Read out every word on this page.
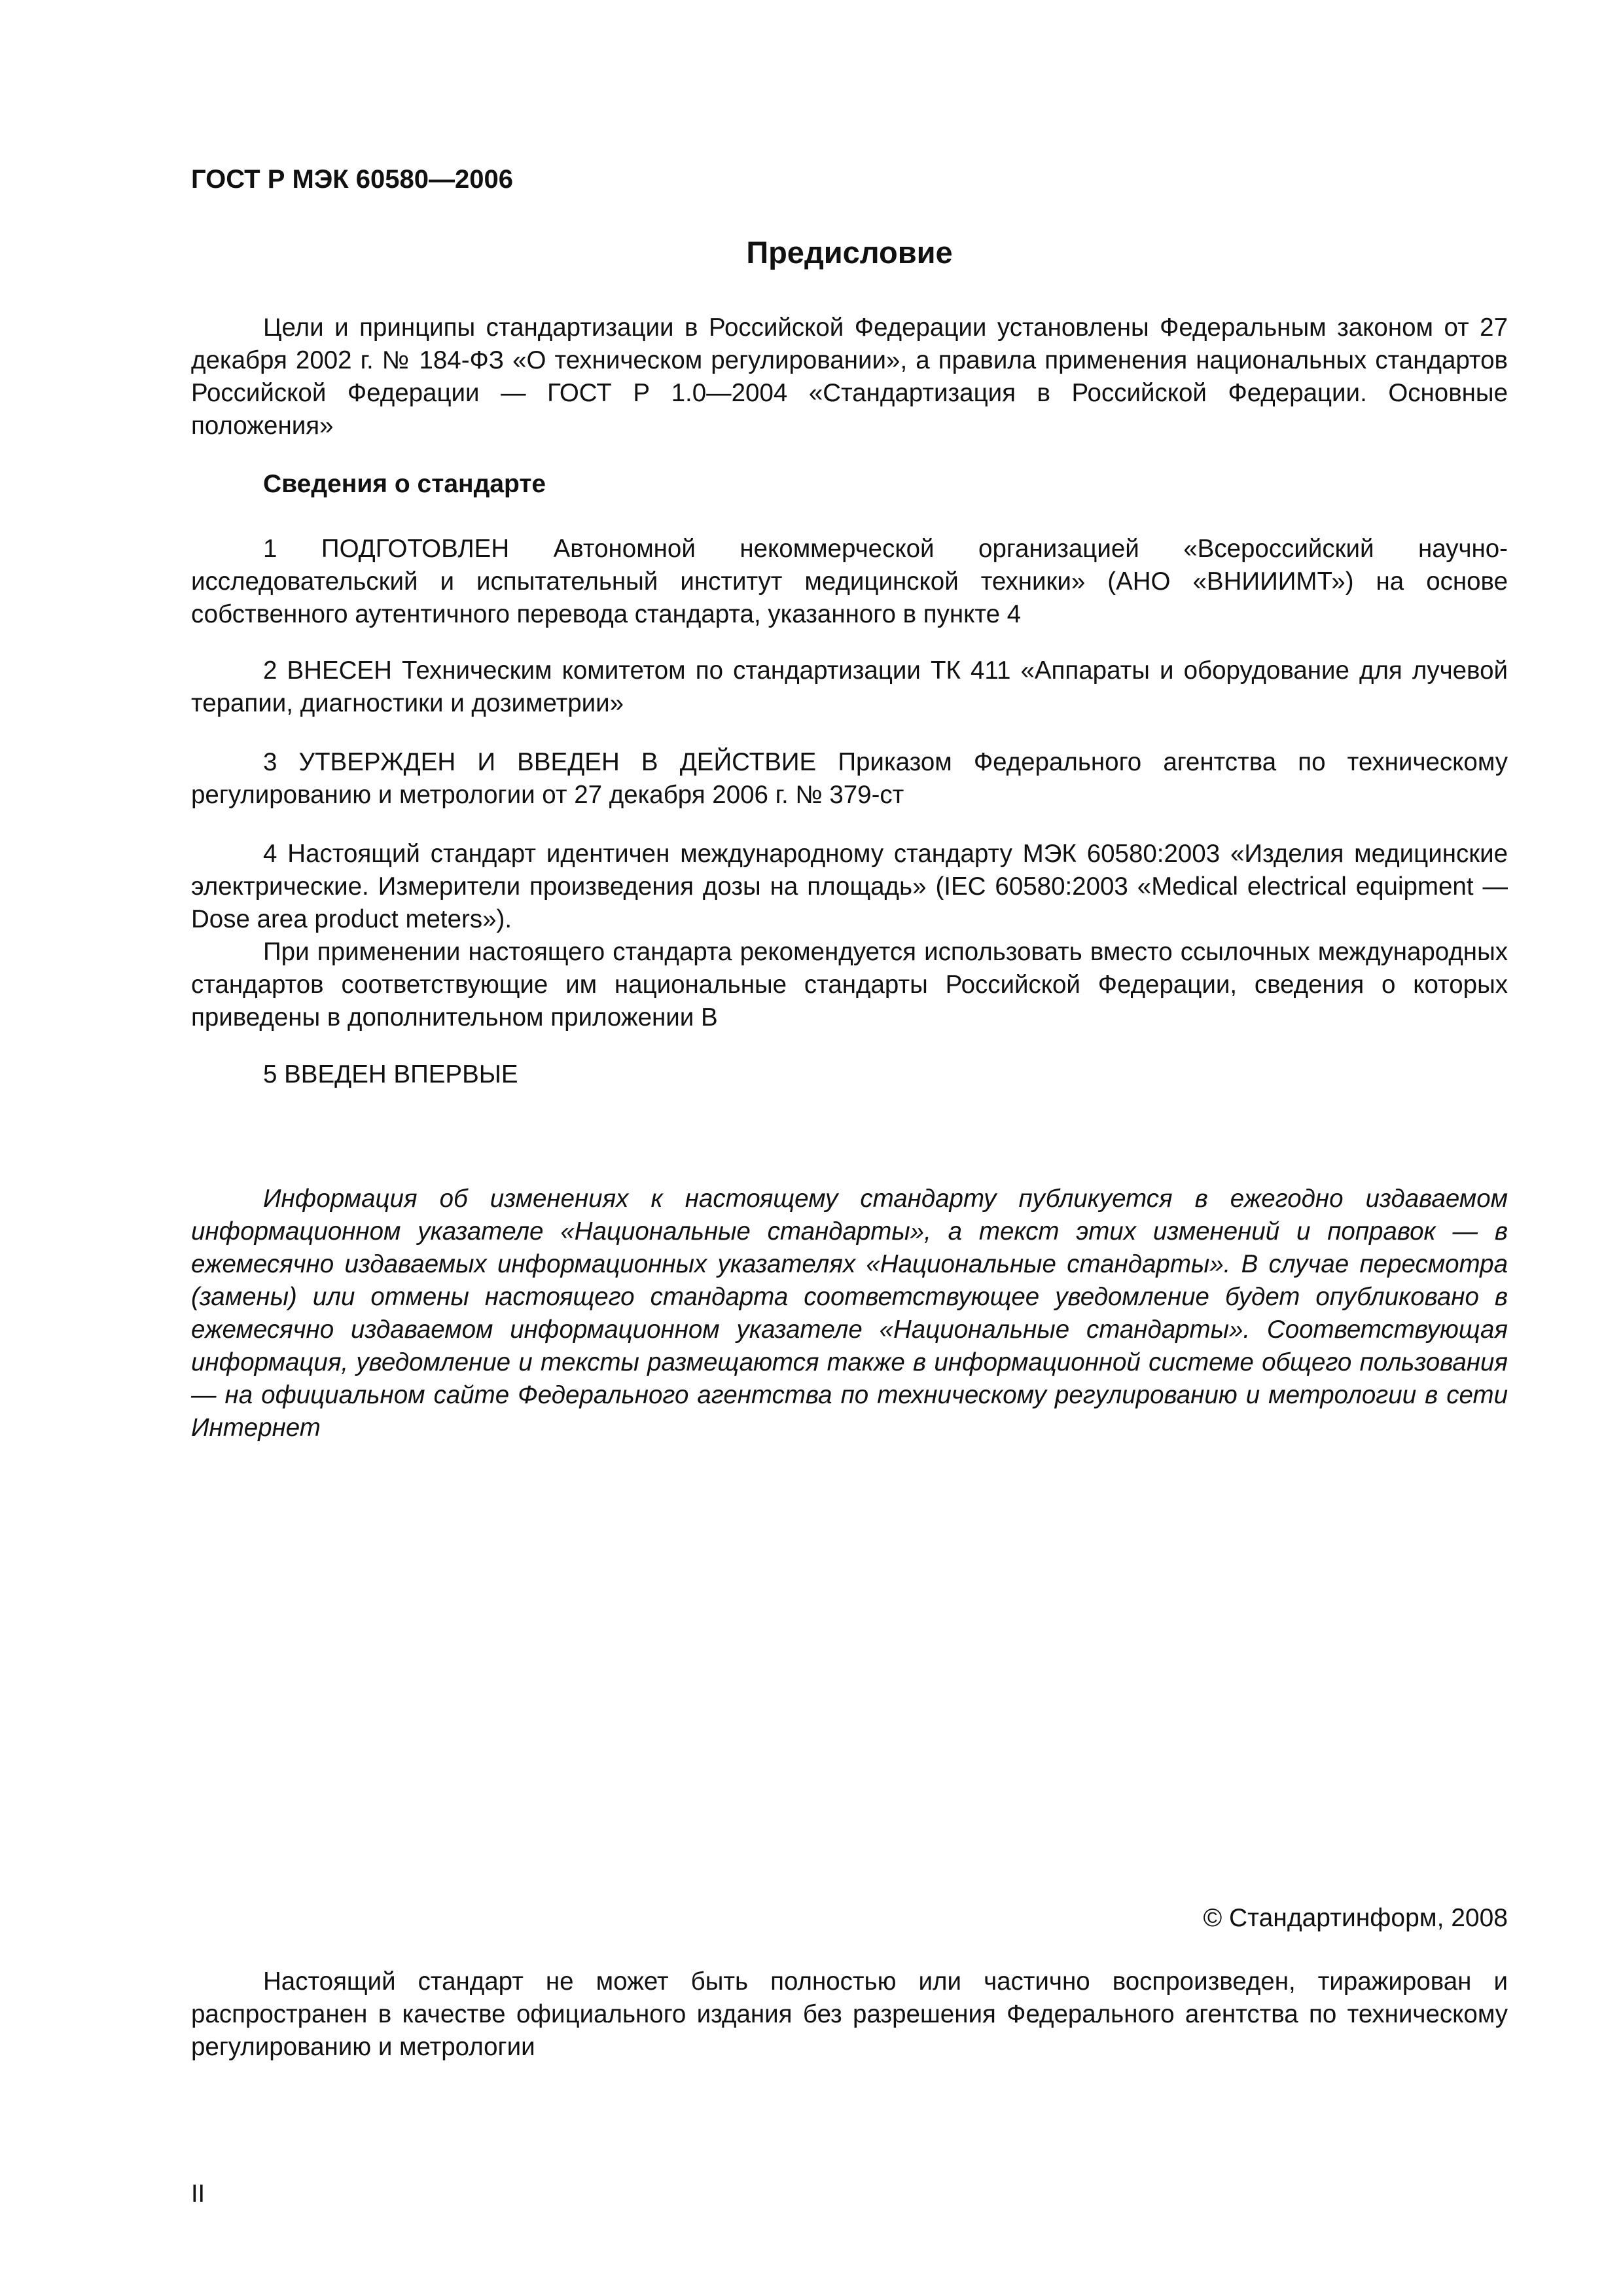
ГОСТ Р МЭК 60580—2006

Предисловие

Цели и принципы стандартизации в Российской Федерации установлены Федеральным законом от 27 декабря 2002 г. № 184-ФЗ «О техническом регулировании», а правила применения национальных стандартов Российской Федерации — ГОСТ Р 1.0—2004 «Стандартизация в Российской Федерации. Основные положения»

Сведения о стандарте

1 ПОДГОТОВЛЕН Автономной некоммерческой организацией «Всероссийский научно-исследовательский и испытательный институт медицинской техники» (АНО «ВНИИИМТ») на основе собственного аутентичного перевода стандарта, указанного в пункте 4

2 ВНЕСЕН Техническим комитетом по стандартизации ТК 411 «Аппараты и оборудование для лучевой терапии, диагностики и дозиметрии»

3 УТВЕРЖДЕН И ВВЕДЕН В ДЕЙСТВИЕ Приказом Федерального агентства по техническому регулированию и метрологии от 27 декабря 2006 г. № 379-ст

4 Настоящий стандарт идентичен международному стандарту МЭК 60580:2003 «Изделия медицинские электрические. Измерители произведения дозы на площадь» (IEC 60580:2003 «Medical electrical equipment — Dose area product meters»).

При применении настоящего стандарта рекомендуется использовать вместо ссылочных международных стандартов соответствующие им национальные стандарты Российской Федерации, сведения о которых приведены в дополнительном приложении В

5 ВВЕДЕН ВПЕРВЫЕ

Информация об изменениях к настоящему стандарту публикуется в ежегодно издаваемом информационном указателе «Национальные стандарты», а текст этих изменений и поправок — в ежемесячно издаваемых информационных указателях «Национальные стандарты». В случае пересмотра (замены) или отмены настоящего стандарта соответствующее уведомление будет опубликовано в ежемесячно издаваемом информационном указателе «Национальные стандарты». Соответствующая информация, уведомление и тексты размещаются также в информационной системе общего пользования — на официальном сайте Федерального агентства по техническому регулированию и метрологии в сети Интернет

© Стандартинформ, 2008

Настоящий стандарт не может быть полностью или частично воспроизведен, тиражирован и распространен в качестве официального издания без разрешения Федерального агентства по техническому регулированию и метрологии

II
